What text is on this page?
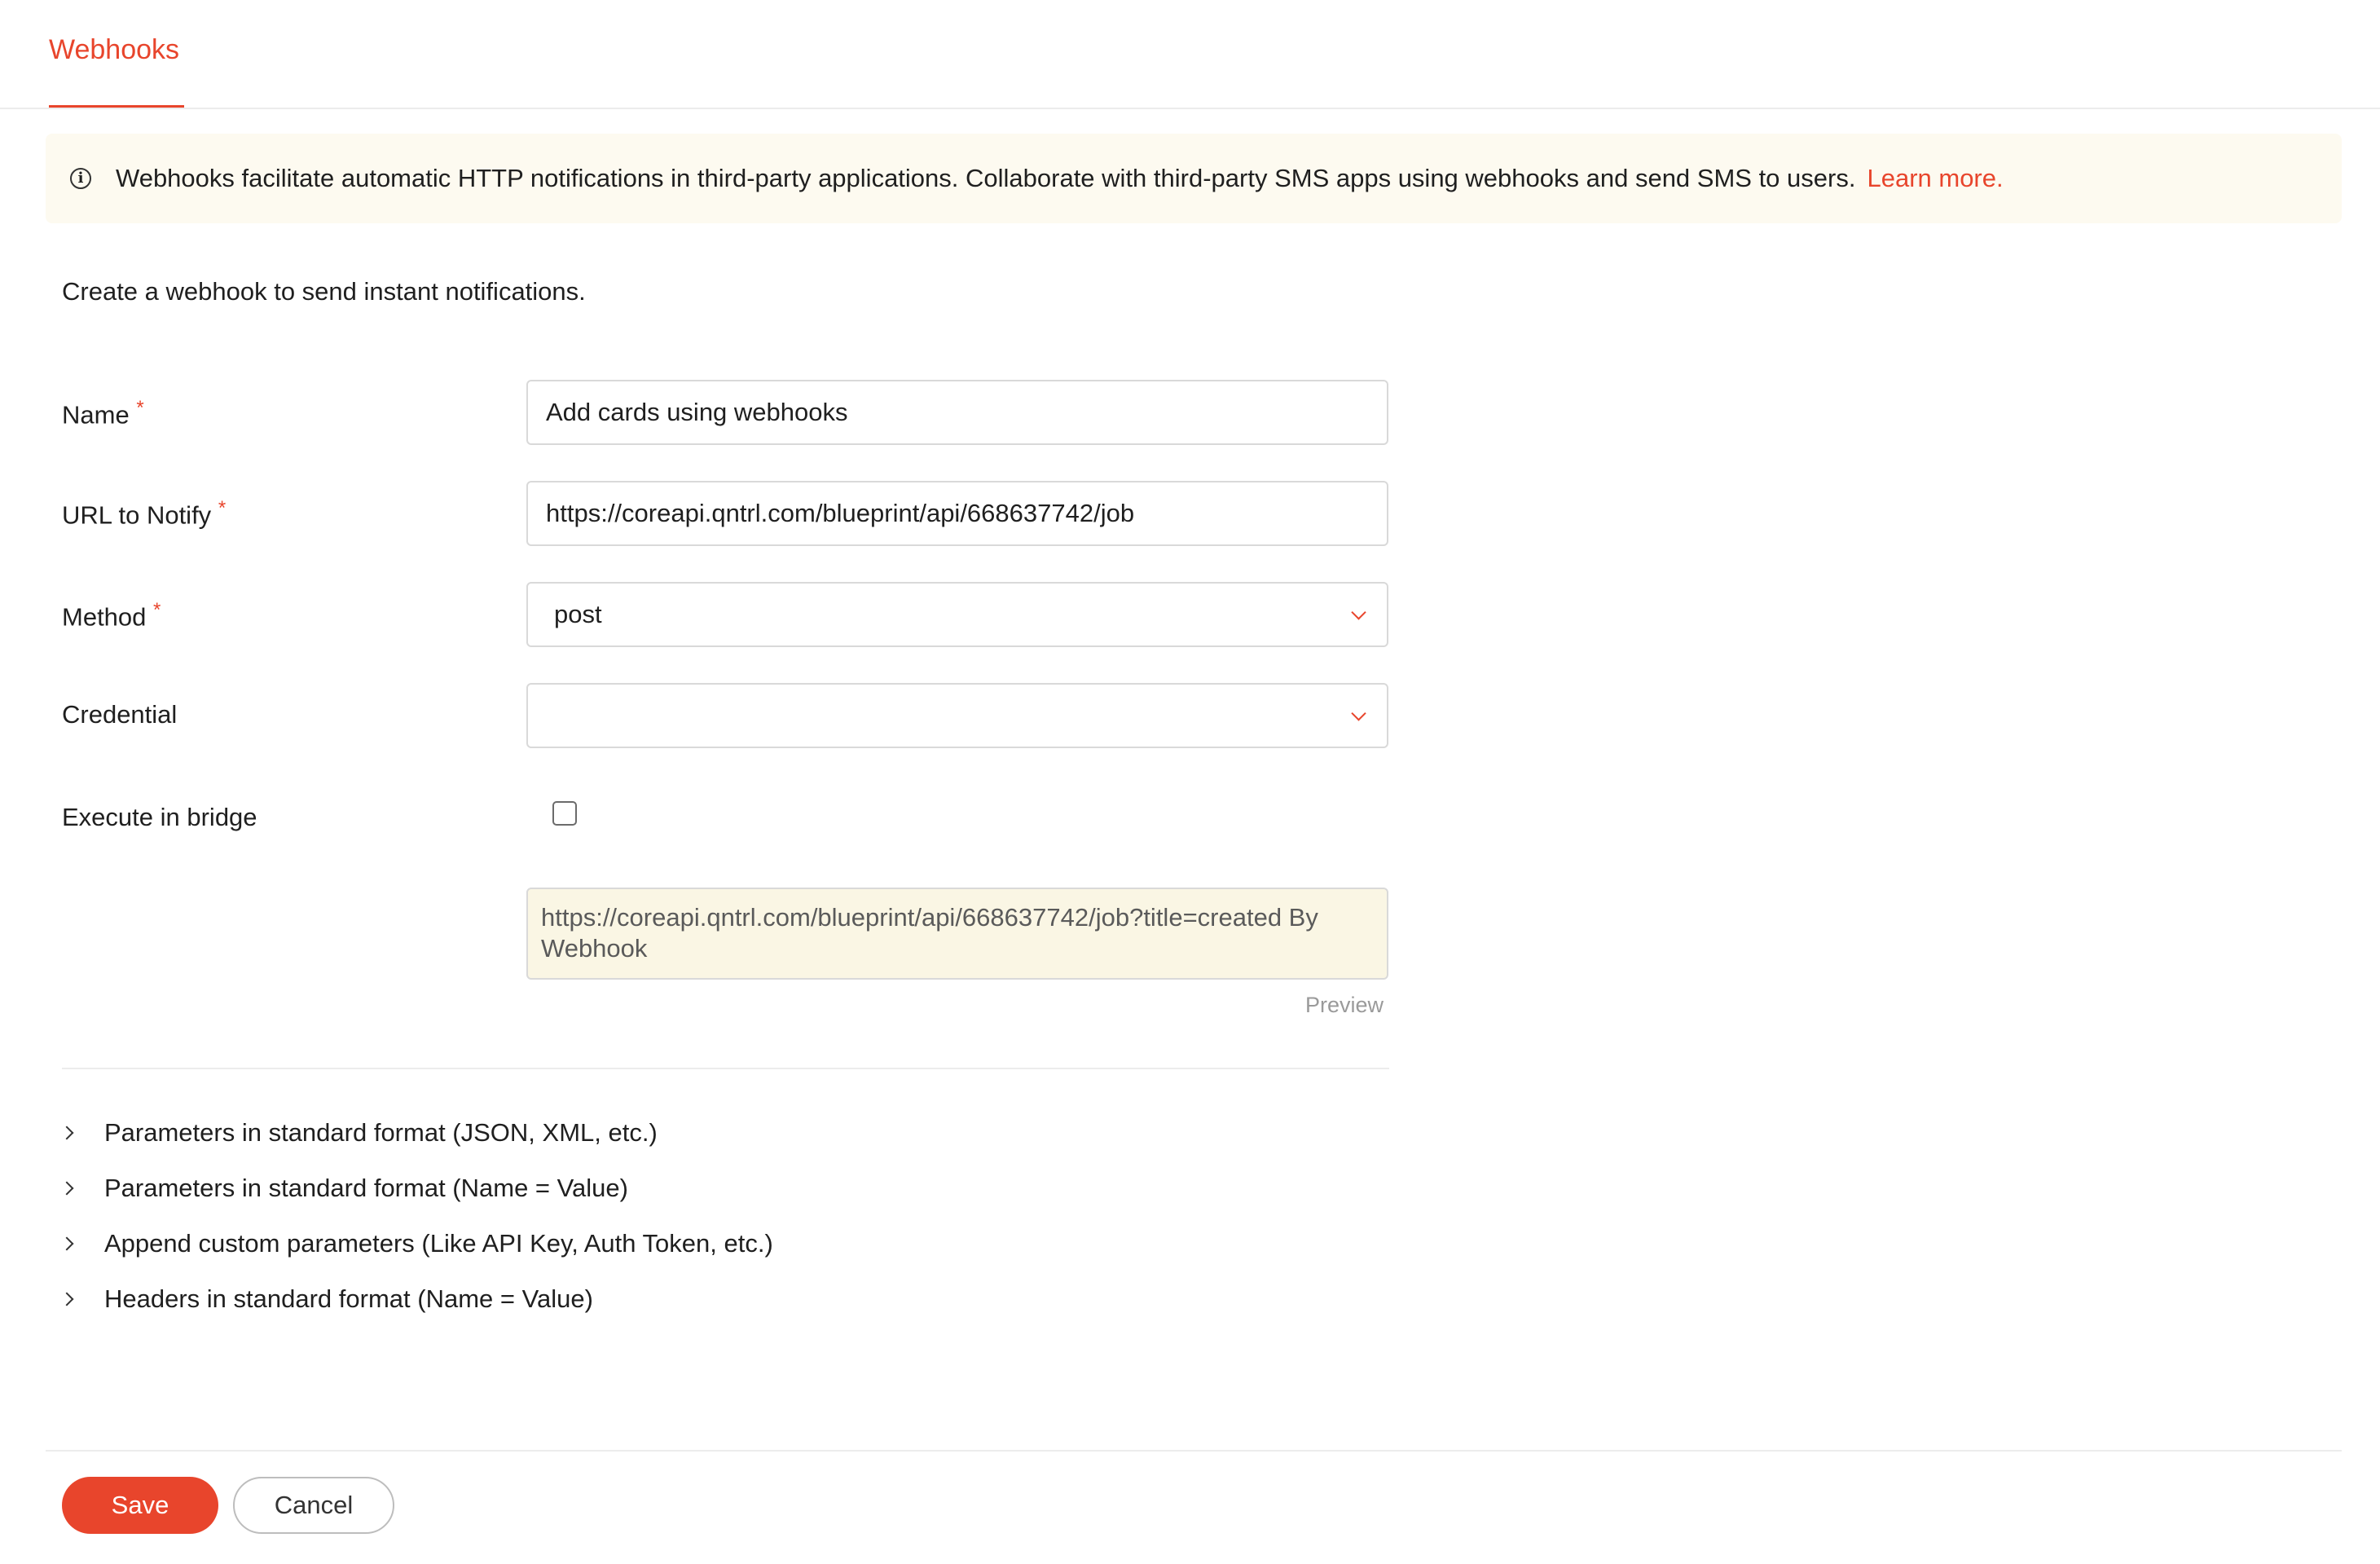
Webhooks
i	Webhooks facilitate automatic HTTP notifications in third-party applications. Collaborate with third-party SMS apps using webhooks and send SMS to users. Learn more.
Create a webhook to send instant notifications.
Name *	Add cards using webhooks
URL to Notify *	https://coreapi.qntrl.com/blueprint/api/668637742/job
Method *	post
Credential
Execute in bridge
https://coreapi.qntrl.com/blueprint/api/668637742/job?title=created By Webhook
Preview
Parameters in standard format (JSON, XML, etc.)
Parameters in standard format (Name = Value)
Append custom parameters (Like API Key, Auth Token, etc.)
Headers in standard format (Name = Value)
Save	Cancel
